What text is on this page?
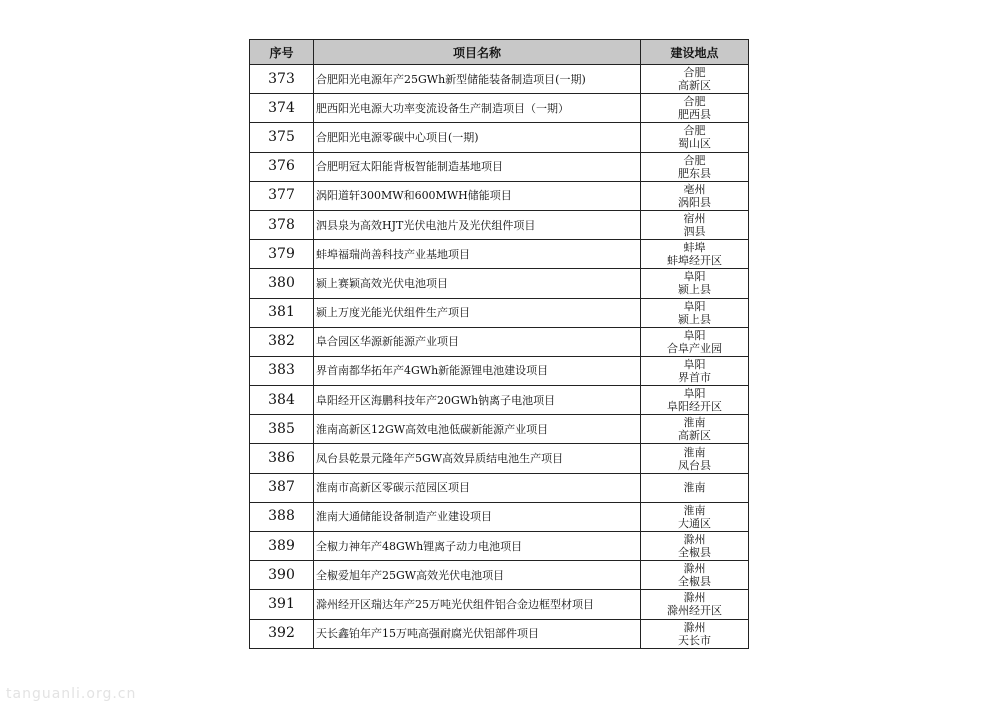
序号	项目名称	建设地点
373	合肥阳光电源年产25GWh新型储能装备制造项目(一期)	合肥
高新区

374	肥西阳光电源大功率变流设备生产制造项目（一期）	合肥
肥西县

375	合肥阳光电源零碳中心项目(一期)	合肥
蜀山区

376	合肥明冠太阳能背板智能制造基地项目	合肥
肥东县

377	涡阳道轩300MW和600MWH储能项目	亳州
涡阳县

378	泗县泉为高效HJT光伏电池片及光伏组件项目	宿州
泗县

379	蚌埠福瑞尚善科技产业基地项目	蚌埠
蚌埠经开区

380	颍上赛颖高效光伏电池项目	阜阳
颍上县

381	颍上万度光能光伏组件生产项目	阜阳
颍上县

382	阜合园区华源新能源产业项目	阜阳
合阜产业园

383	界首南都华拓年产4GWh新能源锂电池建设项目	阜阳
界首市

384	阜阳经开区海鹏科技年产20GWh钠离子电池项目	阜阳
阜阳经开区

385	淮南高新区12GW高效电池低碳新能源产业项目	淮南
高新区

386	凤台县乾景元隆年产5GW高效异质结电池生产项目	淮南
凤台县

387	淮南市高新区零碳示范园区项目	淮南

388	淮南大通储能设备制造产业建设项目	淮南
大通区

389	全椒力神年产48GWh锂离子动力电池项目	滁州
全椒县

390	全椒爱旭年产25GW高效光伏电池项目	滁州
全椒县

391	滁州经开区瑞达年产25万吨光伏组件铝合金边框型材项目	滁州
滁州经开区

392	天长鑫铂年产15万吨高强耐腐光伏铝部件项目	滁州
天长市
tanguanli.org.cn
